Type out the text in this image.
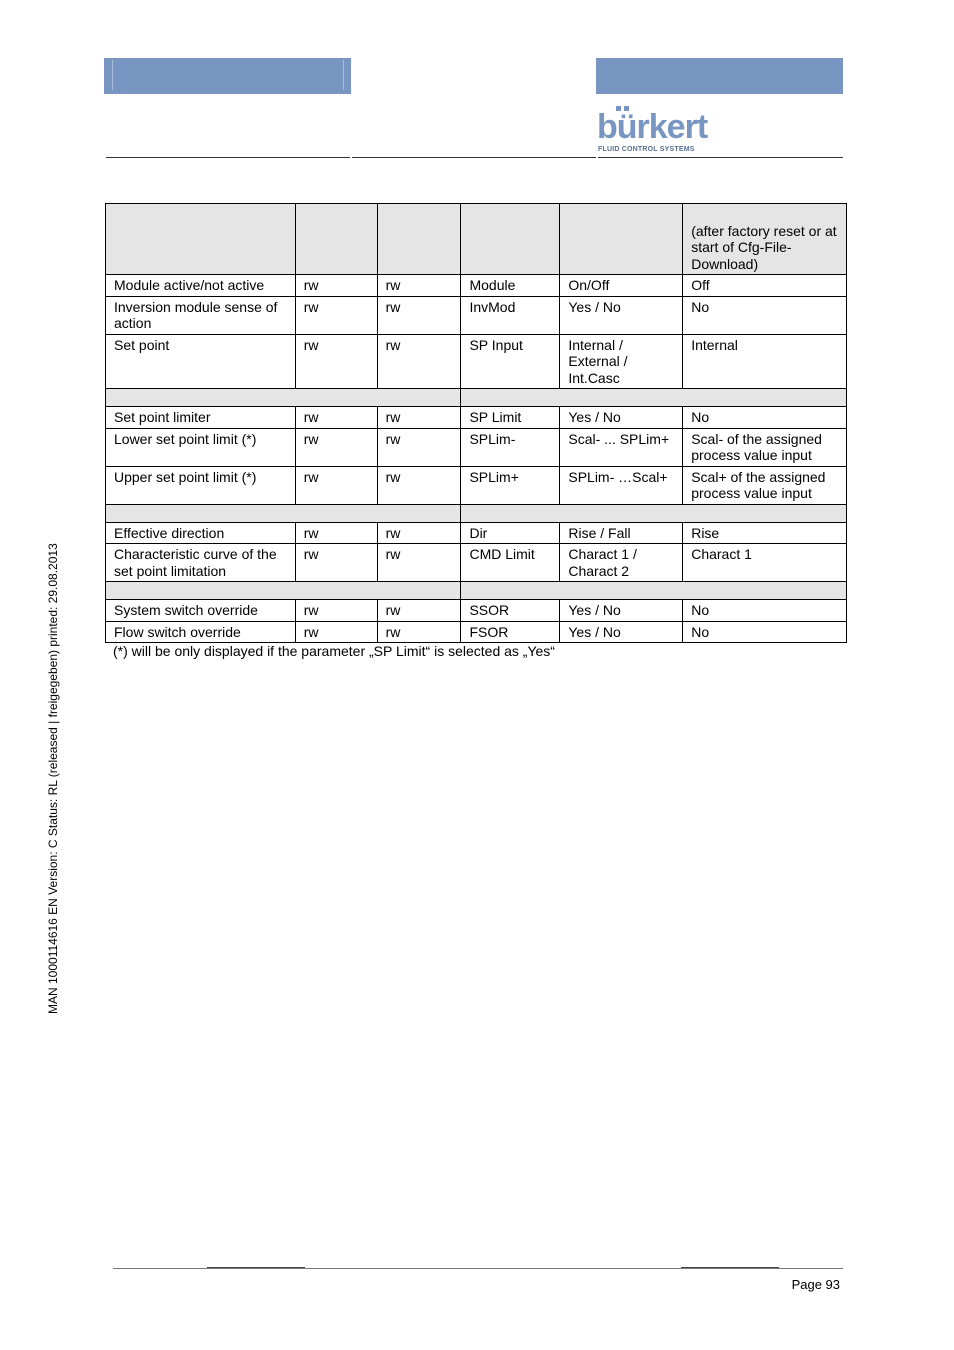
bürkert
FLUID CONTROL SYSTEMS
					(after factory reset or at start of Cfg-File-Download)
Module active/not active	rw	rw	Module	On/Off	Off
Inversion module sense of action	rw	rw	InvMod	Yes / No	No
Set point	rw	rw	SP Input	Internal / External / Int.Casc	Internal

Set point limiter	rw	rw	SP Limit	Yes / No	No
Lower set point limit (*)	rw	rw	SPLim-	Scal- ... SPLim+	Scal- of the assigned process value input
Upper set point limit (*)	rw	rw	SPLim+	SPLim- …Scal+	Scal+ of the assigned process value input

Effective direction	rw	rw	Dir	Rise / Fall	Rise
Characteristic curve of the set point limitation	rw	rw	CMD Limit	Charact 1 / Charact 2	Charact 1

System switch override	rw	rw	SSOR	Yes / No	No
Flow switch override	rw	rw	FSOR	Yes / No	No
(*) will be only displayed if the parameter „SP Limit“ is selected as „Yes“
MAN 1000114616 EN Version: C Status: RL (released | freigegeben) printed: 29.08.2013
Page 93
